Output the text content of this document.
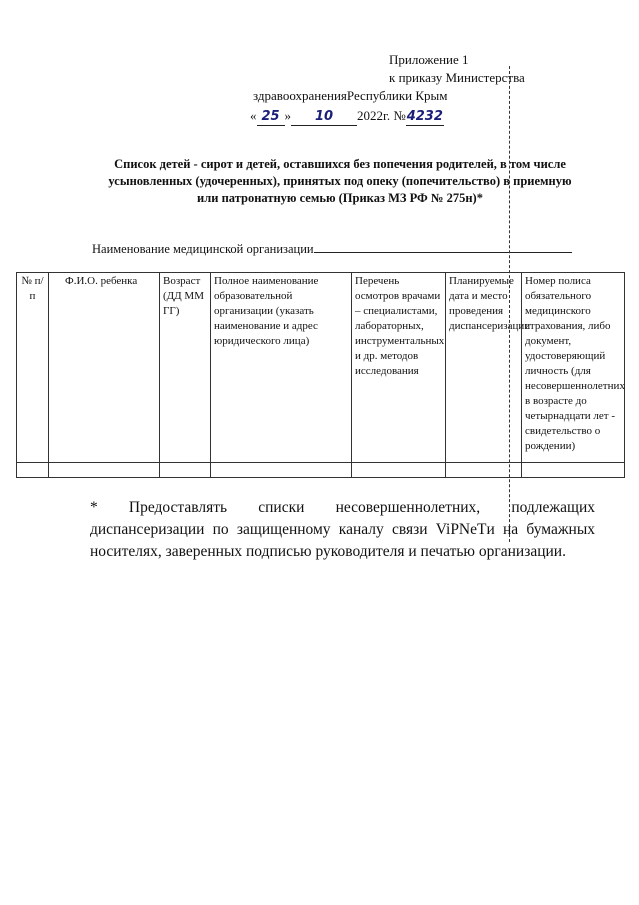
Приложение 1
к приказу Министерства
здравоохраненияРеспублики Крым
« 25 » 10 2022г. №4232
Список детей - сирот и детей, оставшихся без попечения родителей, в том числе
усыновленных (удочеренных), принятых под опеку (попечительство) в приемную
или патронатную семью (Приказ МЗ РФ № 275н)*
Наименование медицинской организации
№ п/п	Ф.И.О. ребенка	Возраст (ДД ММ ГГ)	Полное наименование образовательной организации (указать наименование и адрес юридического лица)	Перечень осмотров врачами – специалистами, лабораторных, инструментальных и др. методов исследования	Планируемые дата и место проведения диспансеризации	Номер полиса обязательного медицинского страхования, либо документ, удостоверяющий личность (для несовершеннолетних в возрасте до четырнадцати лет - свидетельство о рождении)

* Предоставлять списки несовершеннолетних, подлежащих диспансеризации по защищенному каналу связи ViPNeTи на бумажных носителях, заверенных подписью руководителя и печатью организации.
